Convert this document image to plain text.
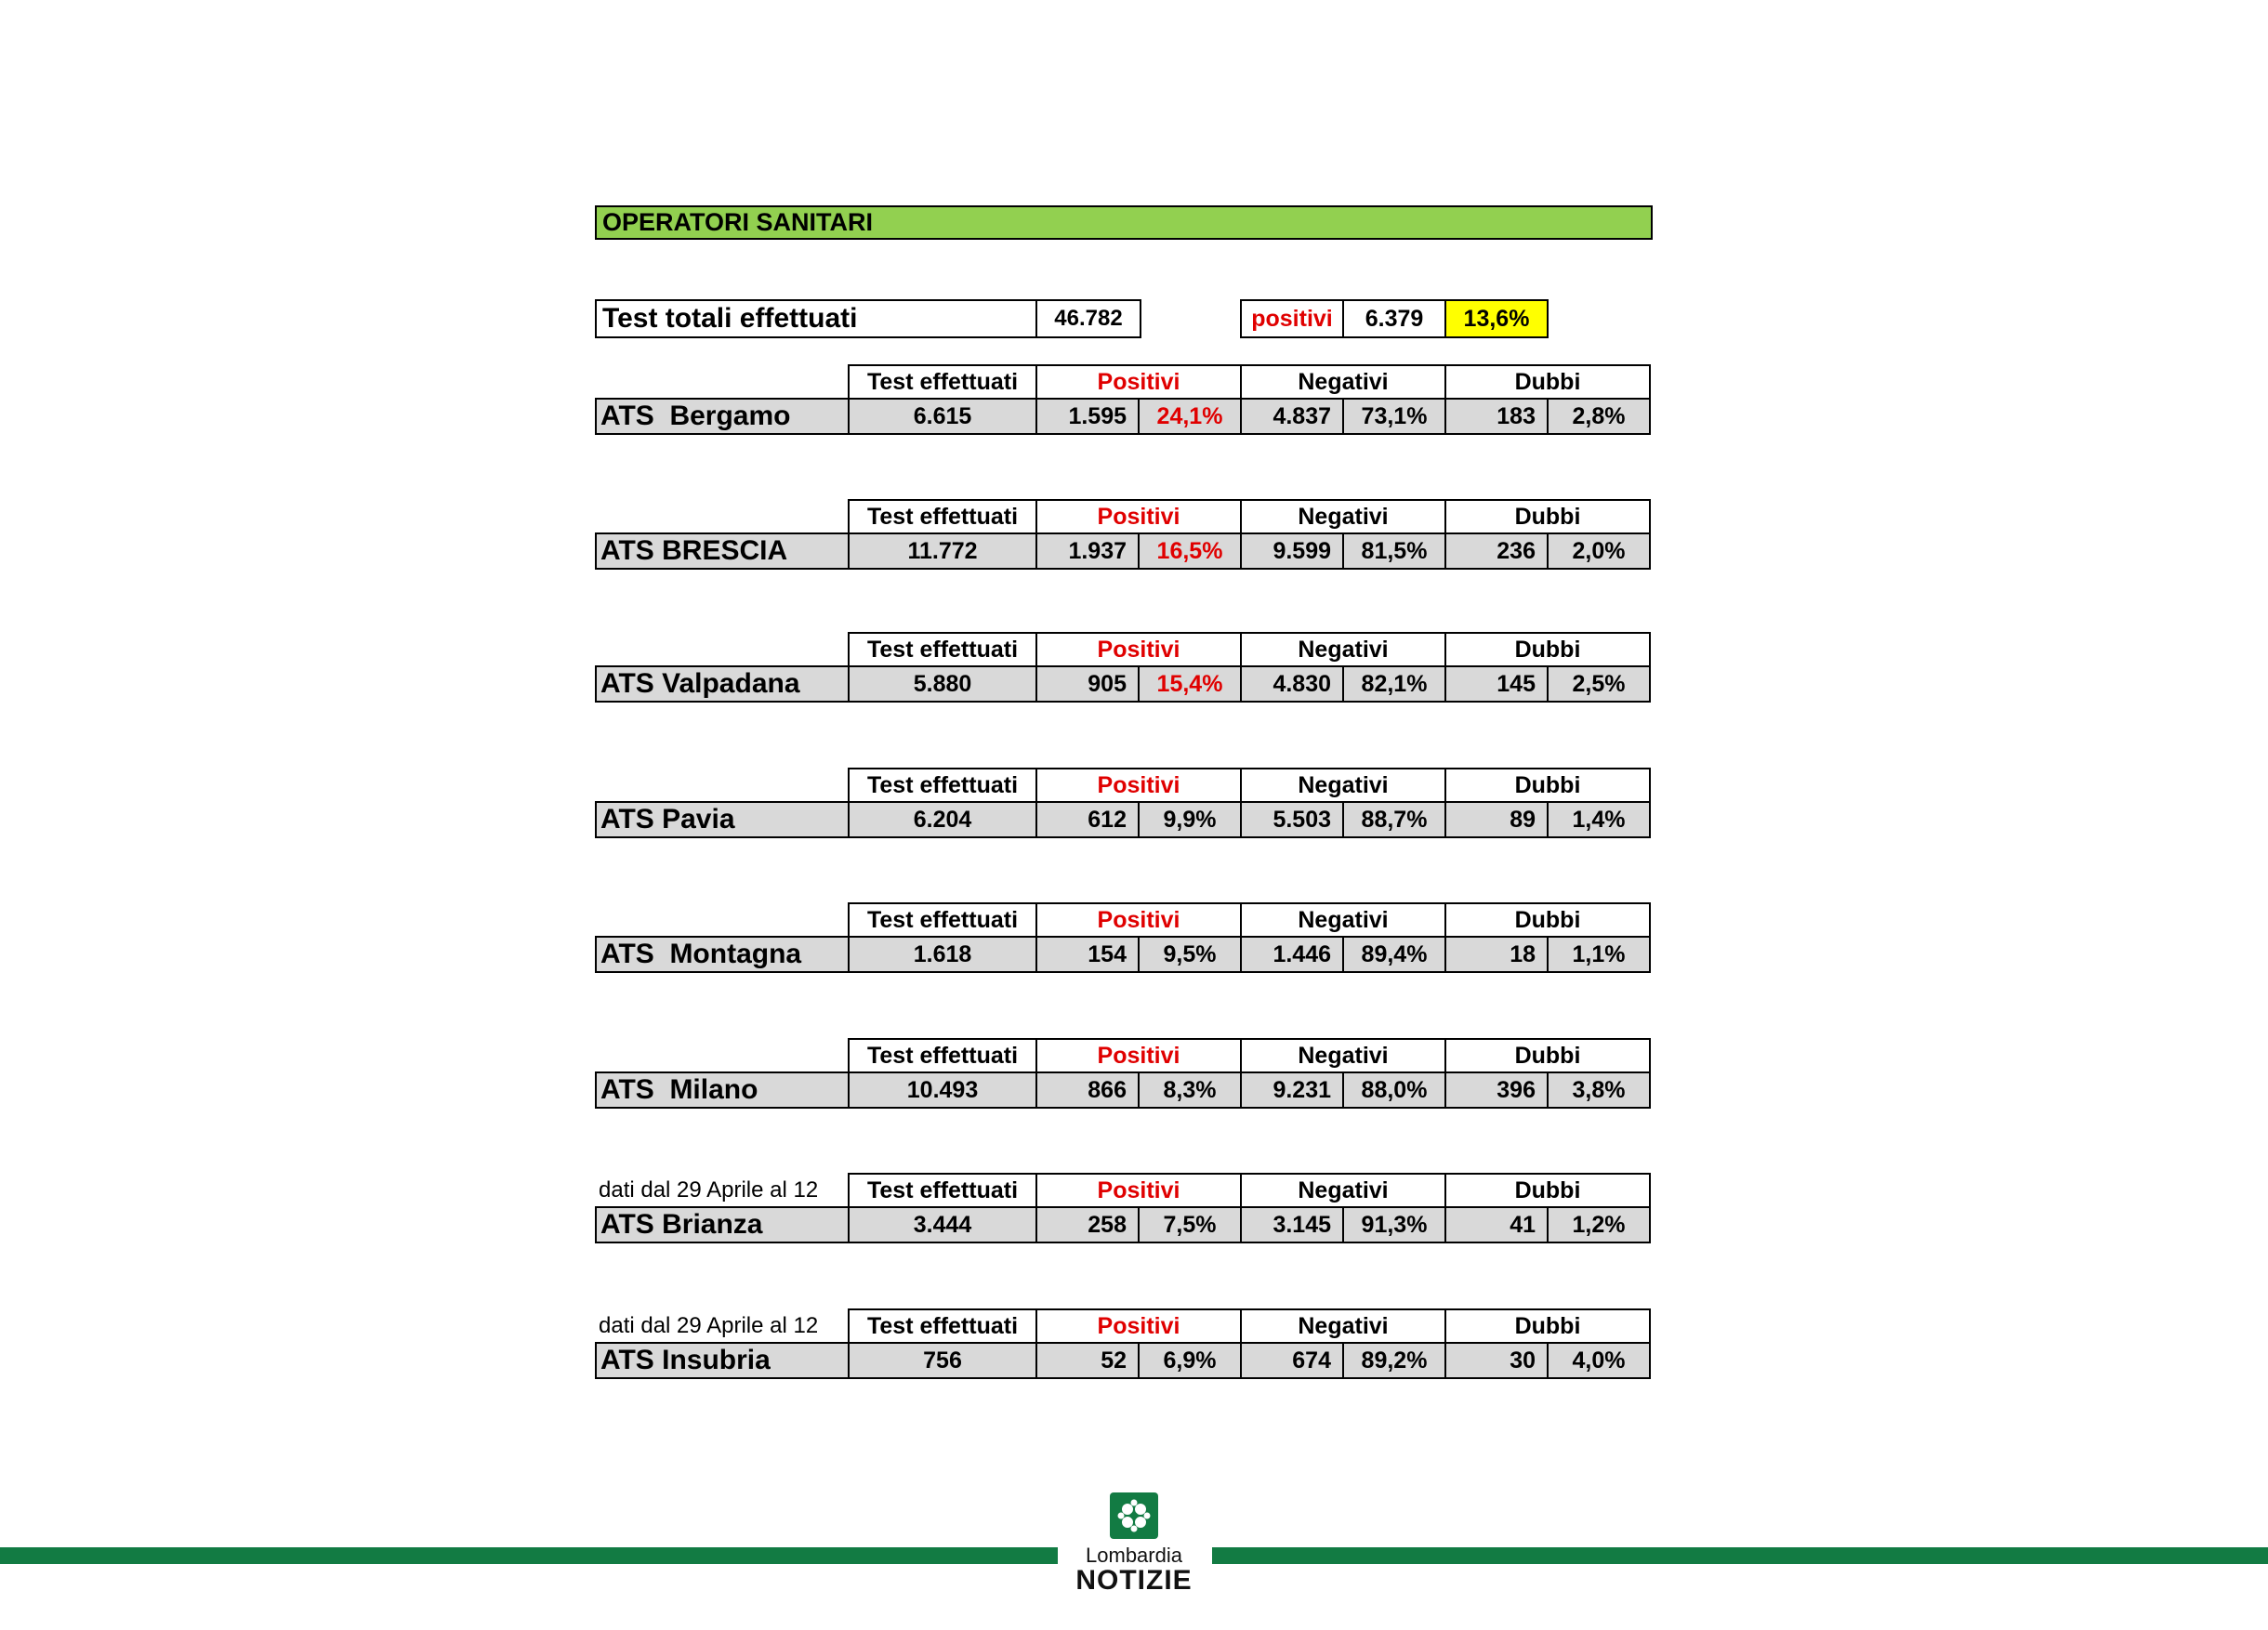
OPERATORI SANITARI
Test totali effettuati	46.782	positivi	6.379	13,6%
Test effettuati	Positivi	Negativi	Dubbi
ATS  Bergamo	6.615	1.595	24,1%	4.837	73,1%	183	2,8%
Test effettuati	Positivi	Negativi	Dubbi
ATS BRESCIA	11.772	1.937	16,5%	9.599	81,5%	236	2,0%
Test effettuati	Positivi	Negativi	Dubbi
ATS Valpadana	5.880	905	15,4%	4.830	82,1%	145	2,5%
Test effettuati	Positivi	Negativi	Dubbi
ATS Pavia	6.204	612	9,9%	5.503	88,7%	89	1,4%
Test effettuati	Positivi	Negativi	Dubbi
ATS  Montagna	1.618	154	9,5%	1.446	89,4%	18	1,1%
Test effettuati	Positivi	Negativi	Dubbi
ATS  Milano	10.493	866	8,3%	9.231	88,0%	396	3,8%
dati dal 29 Aprile al 12	Test effettuati	Positivi	Negativi	Dubbi
ATS Brianza	3.444	258	7,5%	3.145	91,3%	41	1,2%
dati dal 29 Aprile al 12	Test effettuati	Positivi	Negativi	Dubbi
ATS Insubria	756	52	6,9%	674	89,2%	30	4,0%
Lombardia
NOTIZIE
